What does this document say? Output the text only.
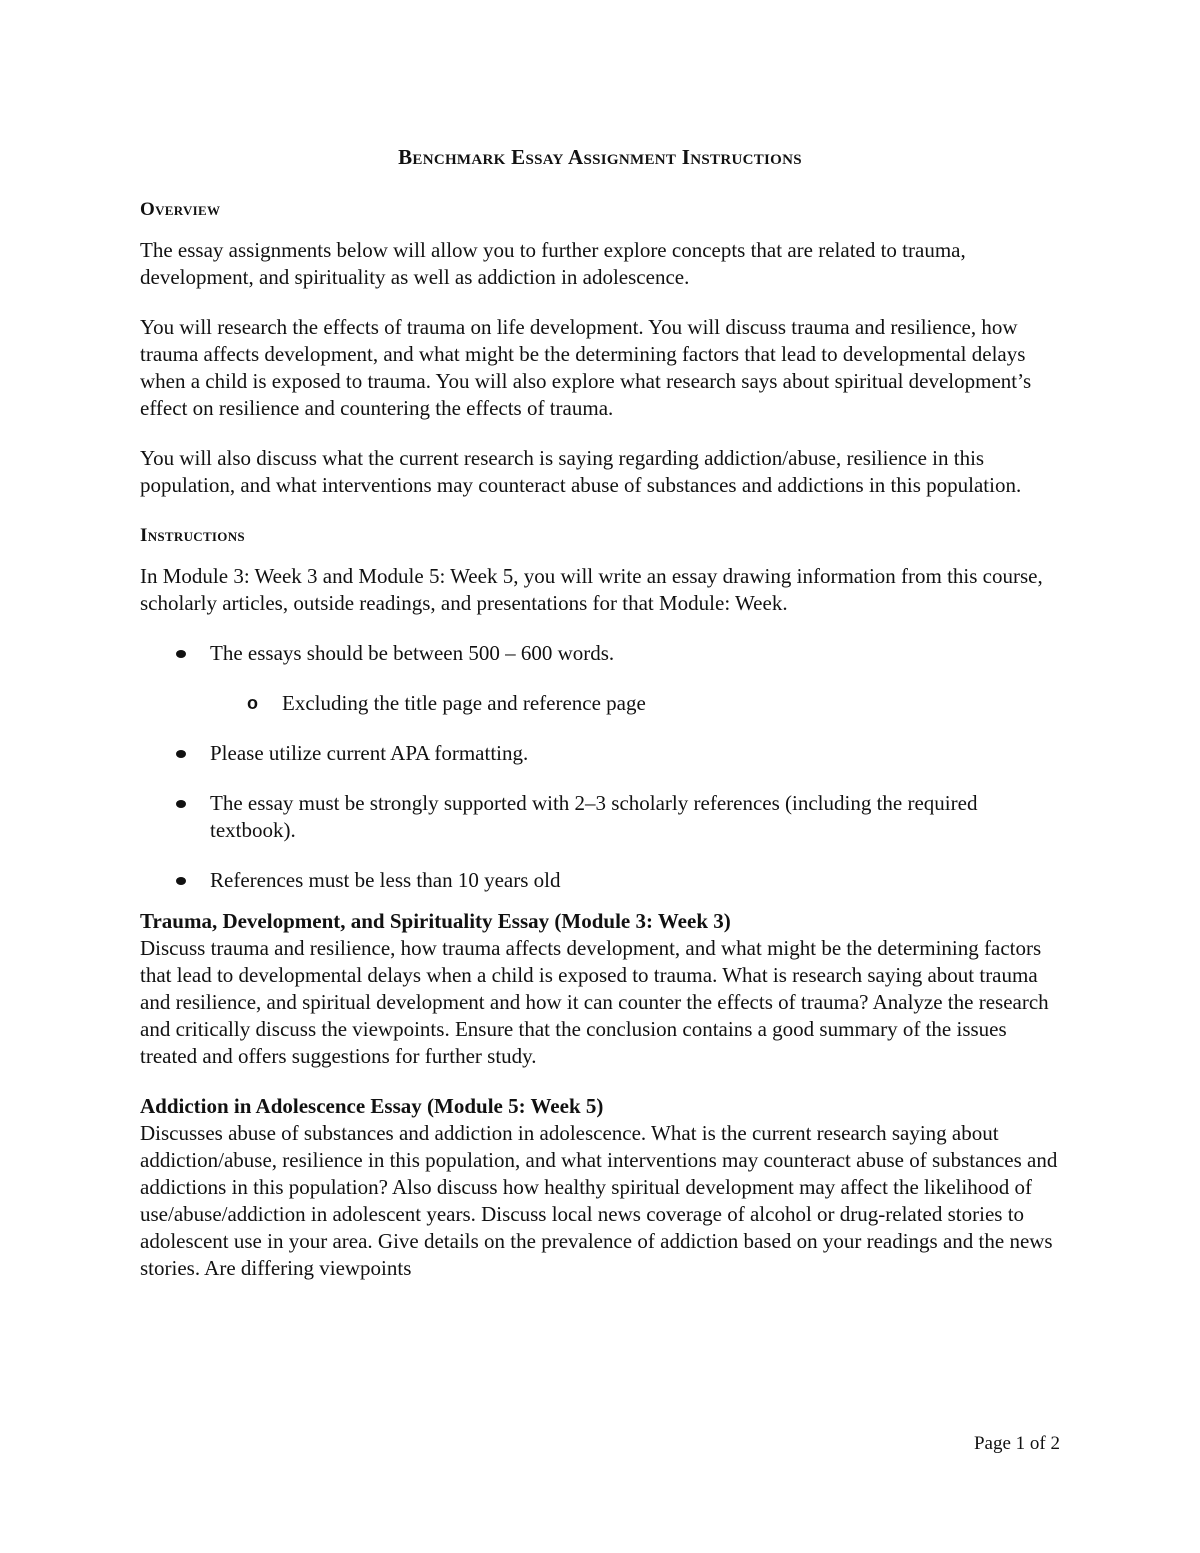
Benchmark Essay Assignment Instructions
Overview

The essay assignments below will allow you to further explore concepts that are related to trauma, development, and spirituality as well as addiction in adolescence.

You will research the effects of trauma on life development. You will discuss trauma and resilience, how trauma affects development, and what might be the determining factors that lead to developmental delays when a child is exposed to trauma. You will also explore what research says about spiritual development’s effect on resilience and countering the effects of trauma.

You will also discuss what the current research is saying regarding addiction/abuse, resilience in this population, and what interventions may counteract abuse of substances and addictions in this population.

Instructions

In Module 3: Week 3 and Module 5: Week 5, you will write an essay drawing information from this course, scholarly articles, outside readings, and presentations for that Module: Week.

The essays should be between 500 – 600 words.
o Excluding the title page and reference page
Please utilize current APA formatting.
The essay must be strongly supported with 2–3 scholarly references (including the required textbook).
References must be less than 10 years old
Trauma, Development, and Spirituality Essay (Module 3: Week 3)
Discuss trauma and resilience, how trauma affects development, and what might be the determining factors that lead to developmental delays when a child is exposed to trauma. What is research saying about trauma and resilience, and spiritual development and how it can counter the effects of trauma? Analyze the research and critically discuss the viewpoints. Ensure that the conclusion contains a good summary of the issues treated and offers suggestions for further study.
Addiction in Adolescence Essay (Module 5: Week 5)
Discusses abuse of substances and addiction in adolescence. What is the current research saying about addiction/abuse, resilience in this population, and what interventions may counteract abuse of substances and addictions in this population? Also discuss how healthy spiritual development may affect the likelihood of use/abuse/addiction in adolescent years. Discuss local news coverage of alcohol or drug-related stories to adolescent use in your area. Give details on the prevalence of addiction based on your readings and the news stories. Are differing viewpoints
Page 1 of 2
